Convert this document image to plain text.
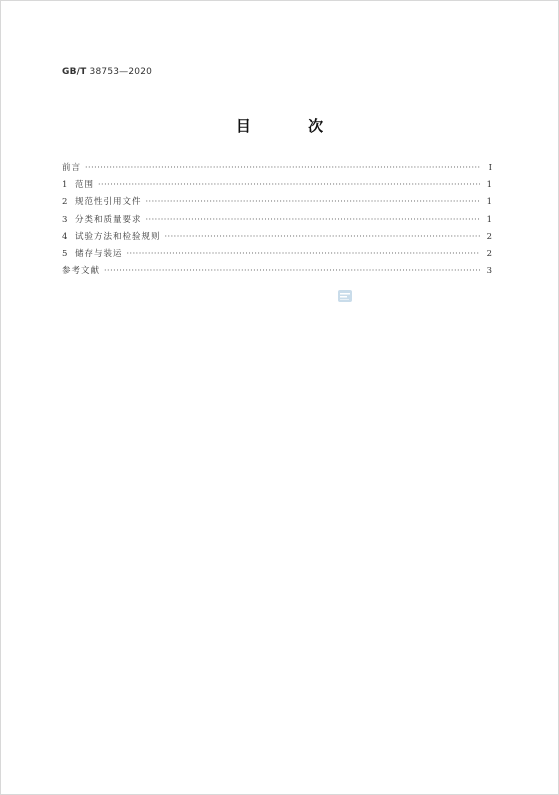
GB/T 38753—2020
目 次
前言 ·····	Ⅰ
1 范围 ·····	1
2 规范性引用文件 ·····	1
3 分类和质量要求 ·····	1
4 试验方法和检验规则 ·····	2
5 储存与装运 ·····	2
参考文献 ·····	3
